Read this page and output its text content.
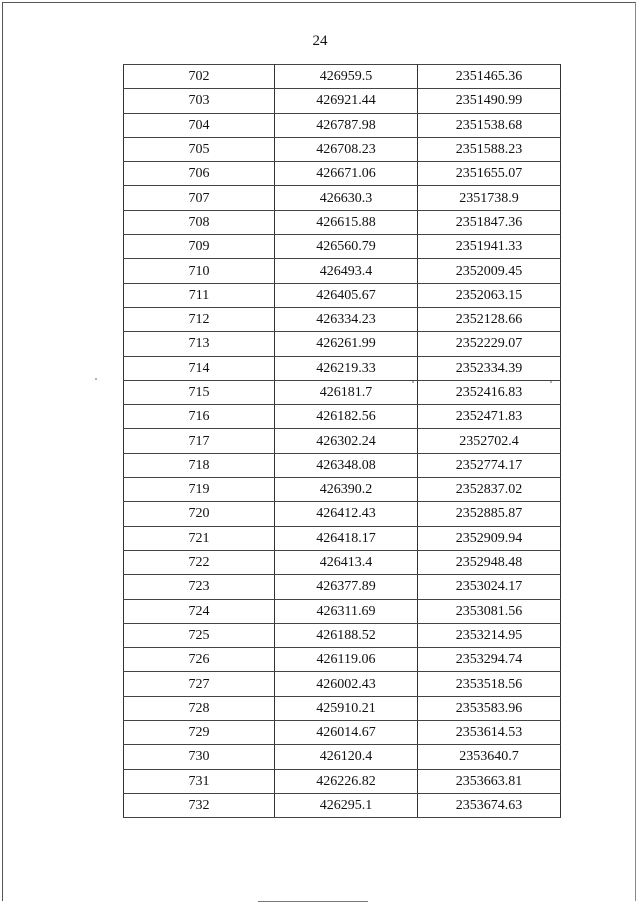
24
702	426959.5	2351465.36
703	426921.44	2351490.99
704	426787.98	2351538.68
705	426708.23	2351588.23
706	426671.06	2351655.07
707	426630.3	2351738.9
708	426615.88	2351847.36
709	426560.79	2351941.33
710	426493.4	2352009.45
711	426405.67	2352063.15
712	426334.23	2352128.66
713	426261.99	2352229.07
714	426219.33	2352334.39
715	426181.7	2352416.83
716	426182.56	2352471.83
717	426302.24	2352702.4
718	426348.08	2352774.17
719	426390.2	2352837.02
720	426412.43	2352885.87
721	426418.17	2352909.94
722	426413.4	2352948.48
723	426377.89	2353024.17
724	426311.69	2353081.56
725	426188.52	2353214.95
726	426119.06	2353294.74
727	426002.43	2353518.56
728	425910.21	2353583.96
729	426014.67	2353614.53
730	426120.4	2353640.7
731	426226.82	2353663.81
732	426295.1	2353674.63
